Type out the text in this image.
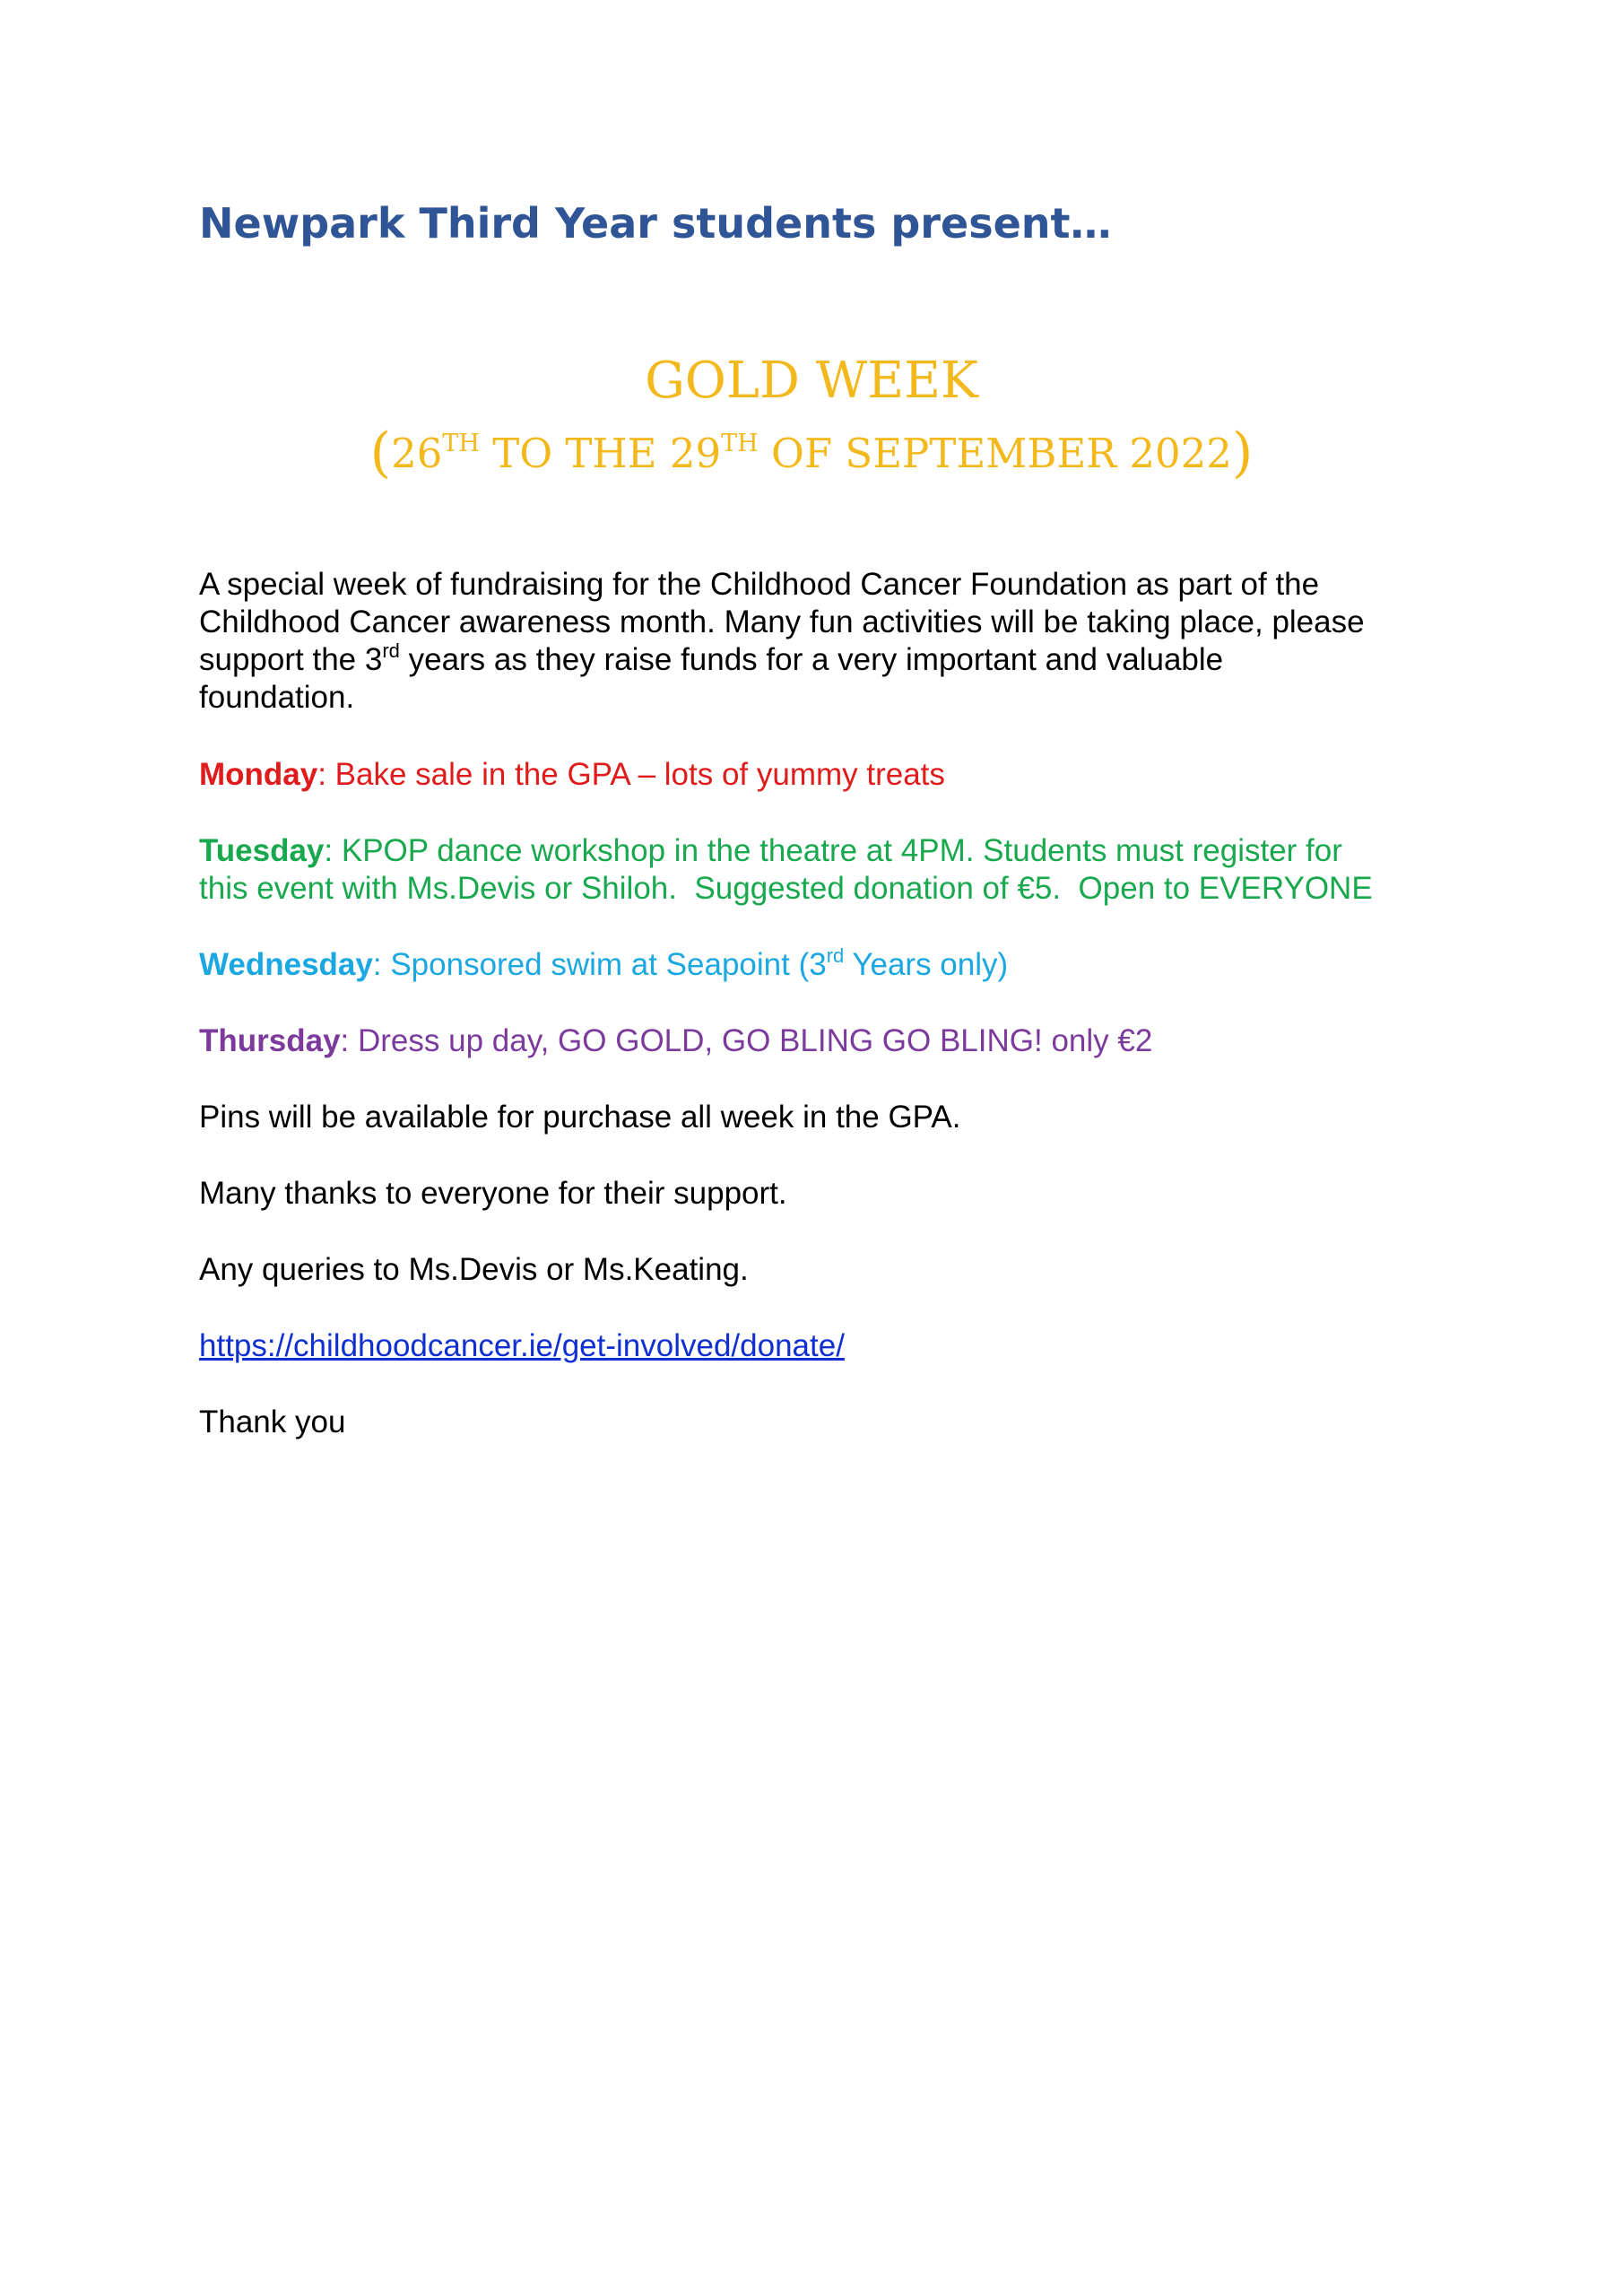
Newpark Third Year students present…
GOLD WEEK
(26TH TO THE 29TH OF SEPTEMBER 2022)
A special week of fundraising for the Childhood Cancer Foundation as part of the
Childhood Cancer awareness month. Many fun activities will be taking place, please
support the 3rd years as they raise funds for a very important and valuable
foundation.
Monday: Bake sale in the GPA – lots of yummy treats
Tuesday: KPOP dance workshop in the theatre at 4PM. Students must register for
this event with Ms.Devis or Shiloh.  Suggested donation of €5.  Open to EVERYONE
Wednesday: Sponsored swim at Seapoint (3rd Years only)
Thursday: Dress up day, GO GOLD, GO BLING GO BLING! only €2
Pins will be available for purchase all week in the GPA.
Many thanks to everyone for their support.
Any queries to Ms.Devis or Ms.Keating.
https://childhoodcancer.ie/get-involved/donate/
Thank you
